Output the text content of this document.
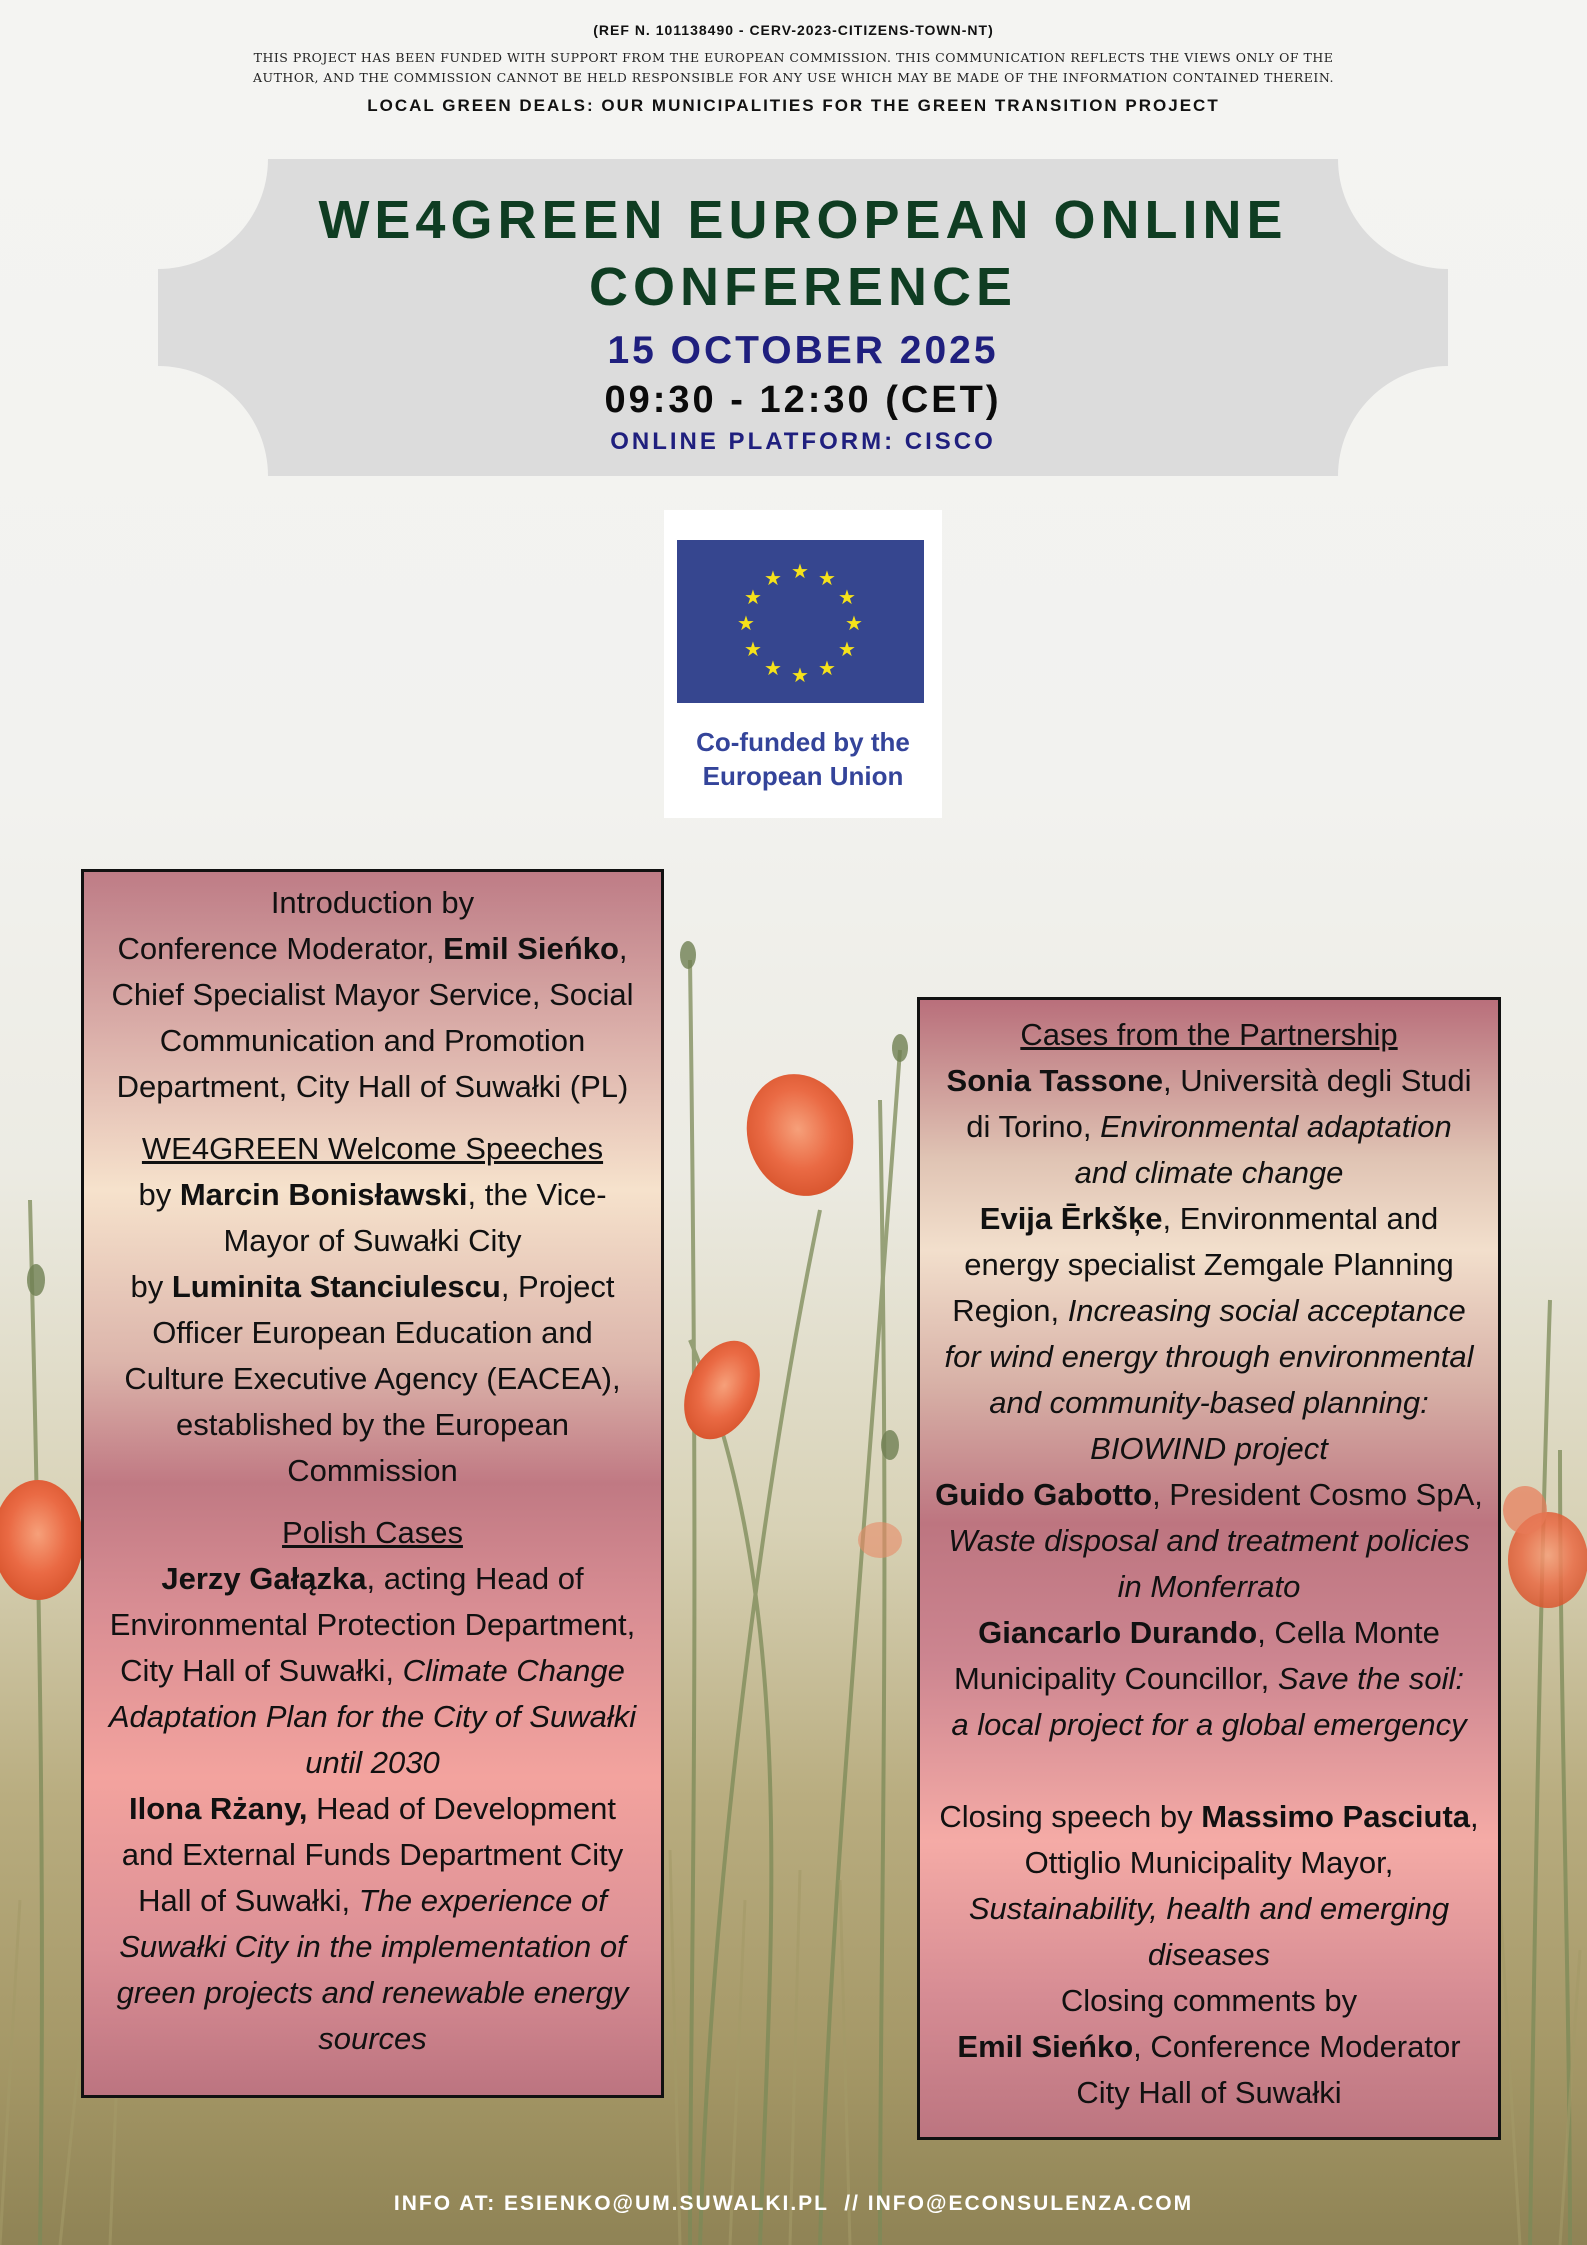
(REF N. 101138490 - CERV-2023-CITIZENS-TOWN-NT)
THIS PROJECT HAS BEEN FUNDED WITH SUPPORT FROM THE EUROPEAN COMMISSION. THIS COMMUNICATION REFLECTS THE VIEWS ONLY OF THE AUTHOR, AND THE COMMISSION CANNOT BE HELD RESPONSIBLE FOR ANY USE WHICH MAY BE MADE OF THE INFORMATION CONTAINED THEREIN.
LOCAL GREEN DEALS: OUR MUNICIPALITIES FOR THE GREEN TRANSITION PROJECT
WE4GREEN EUROPEAN ONLINE
CONFERENCE
15 OCTOBER 2025
09:30 - 12:30 (CET)
ONLINE PLATFORM: CISCO
★ ★
★
★
★
★
★
★
★
★
★
★
Co-funded by the
European Union
Introduction by
Conference Moderator, Emil Sieńko,
Chief Specialist Mayor Service, Social
Communication and Promotion
Department, City Hall of Suwałki (PL)
WE4GREEN Welcome Speeches
by Marcin Bonisławski, the Vice-
Mayor of Suwałki City
by Luminita Stanciulescu, Project
Officer European Education and
Culture Executive Agency (EACEA),
established by the European
Commission
Polish Cases
Jerzy Gałązka, acting Head of
Environmental Protection Department,
City Hall of Suwałki, Climate Change
Adaptation Plan for the City of Suwałki
until 2030
Ilona Rżany, Head of Development
and External Funds Department City
Hall of Suwałki, The experience of
Suwałki City in the implementation of
green projects and renewable energy
sources
Cases from the Partnership
Sonia Tassone, Università degli Studi
di Torino, Environmental adaptation
and climate change
Evija Ērkšķe, Environmental and
energy specialist Zemgale Planning
Region, Increasing social acceptance
for wind energy through environmental
and community-based planning:
BIOWIND project
Guido Gabotto, President Cosmo SpA,
Waste disposal and treatment policies
in Monferrato
Giancarlo Durando, Cella Monte
Municipality Councillor, Save the soil:
a local project for a global emergency
Closing speech by Massimo Pasciuta,
Ottiglio Municipality Mayor,
Sustainability, health and emerging
diseases
Closing comments by
Emil Sieńko, Conference Moderator
City Hall of Suwałki
INFO AT: ESIENKO@UM.SUWALKI.PL  // INFO@ECONSULENZA.COM
